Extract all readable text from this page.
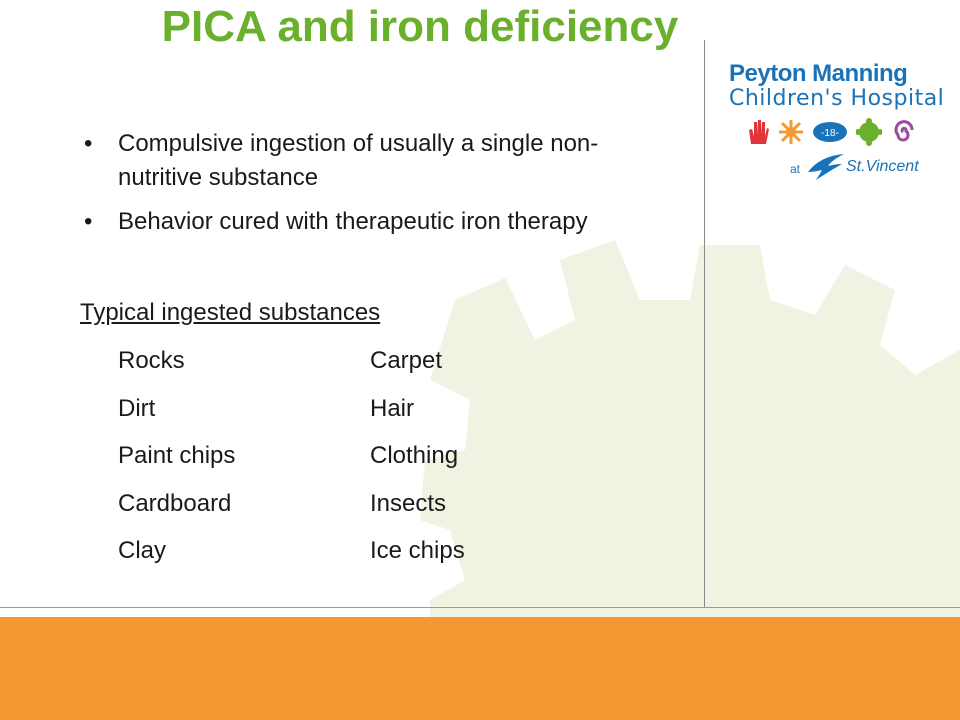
PICA and iron deficiency
• Compulsive ingestion of usually a single non-nutritive substance
• Behavior cured with therapeutic iron therapy
Typical ingested substances
Rocks	Carpet
Dirt	Hair
Paint chips	Clothing
Cardboard	Insects
Clay	Ice chips
Peyton Manning
Children's Hospital
-18-
at	St.Vincent
